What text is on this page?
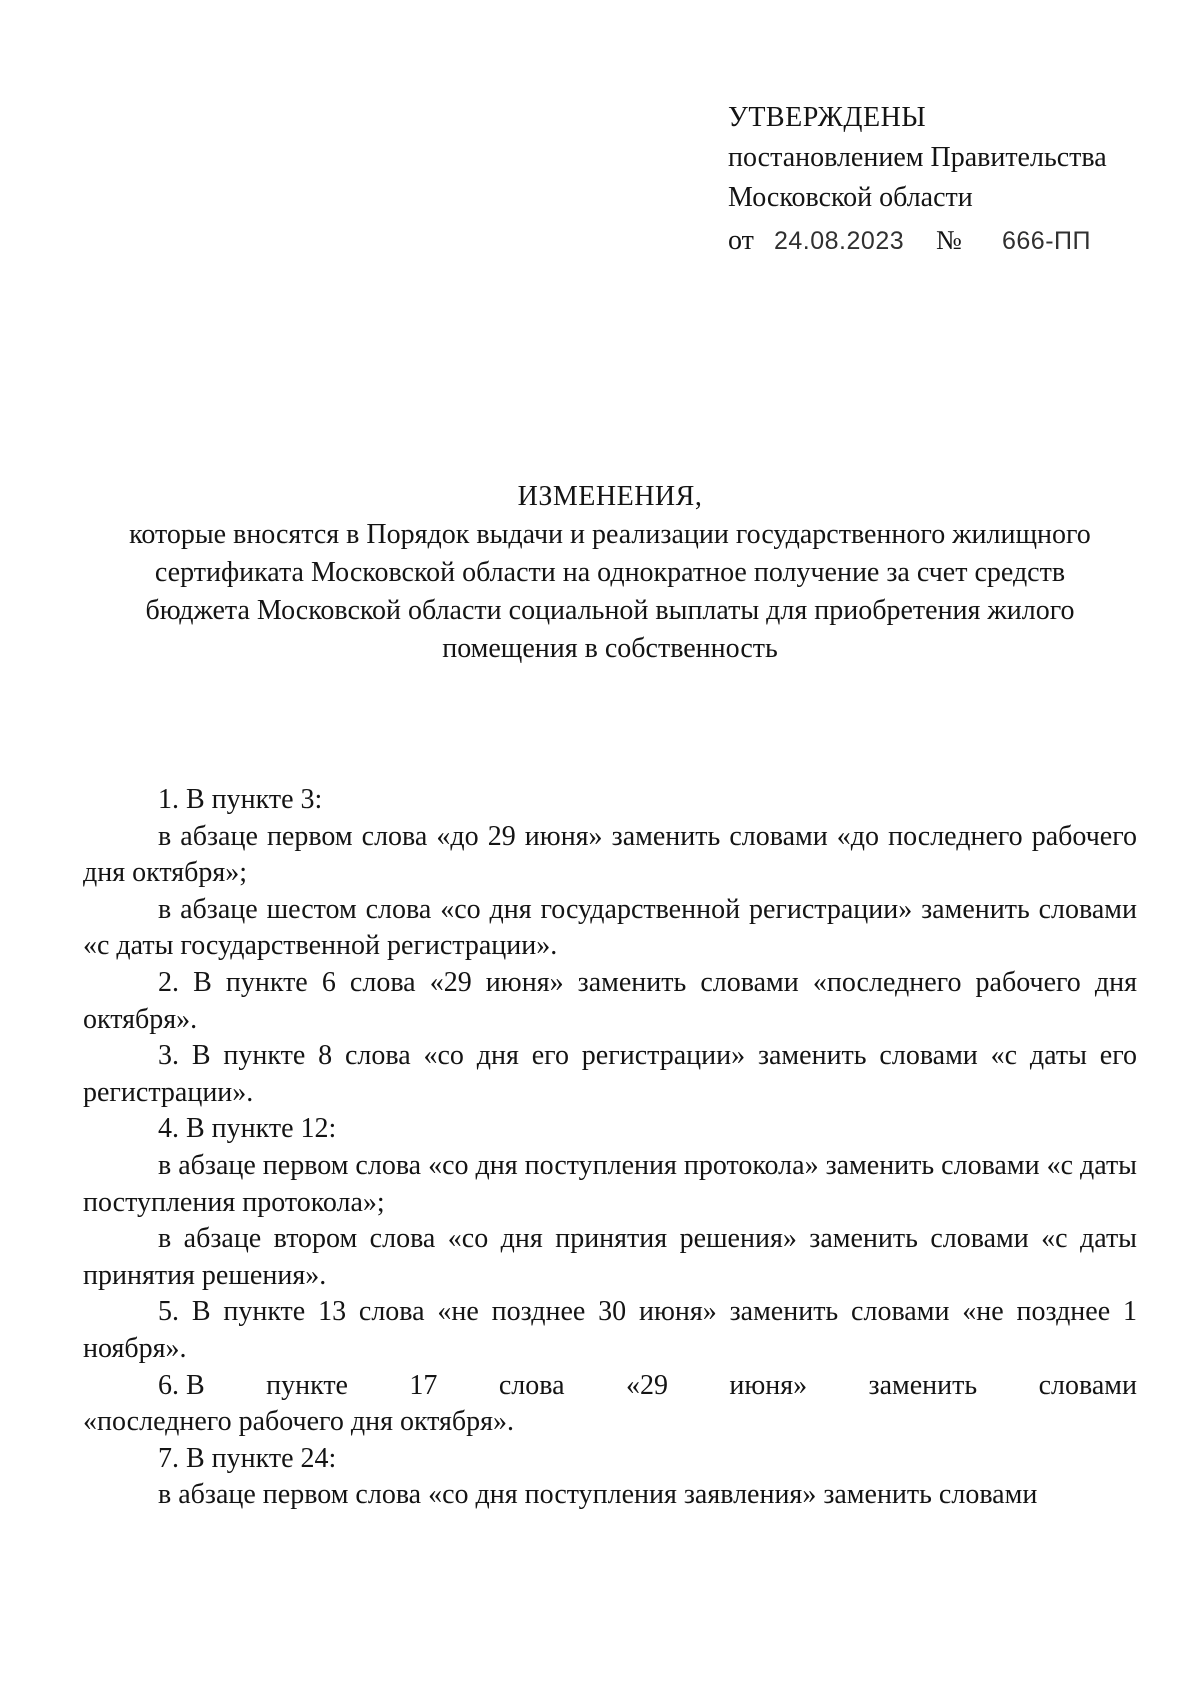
УТВЕРЖДЕНЫ
постановлением Правительства
Московской области
от 24.08.2023 № 666-ПП
ИЗМЕНЕНИЯ,
которые вносятся в Порядок выдачи и реализации государственного жилищного
сертификата Московской области на однократное получение за счет средств
бюджета Московской области социальной выплаты для приобретения жилого
помещения в собственность

1. В пункте 3:

в абзаце первом слова «до 29 июня» заменить словами «до последнего рабочего дня октября»;

в абзаце шестом слова «со дня государственной регистрации» заменить словами «с даты государственной регистрации».

2. В пункте 6 слова «29 июня» заменить словами «последнего рабочего дня октября».

3. В пункте 8 слова «со дня его регистрации» заменить словами «с даты его регистрации».

4. В пункте 12:

в абзаце первом слова «со дня поступления протокола» заменить словами «с даты поступления протокола»;

в абзаце втором слова «со дня принятия решения» заменить словами «с даты принятия решения».

5. В пункте 13 слова «не позднее 30 июня» заменить словами «не позднее 1 ноября».

6. В пункте 17 слова «29 июня» заменить словами

«последнего рабочего дня октября».

7. В пункте 24:

в абзаце первом слова «со дня поступления заявления» заменить словами
